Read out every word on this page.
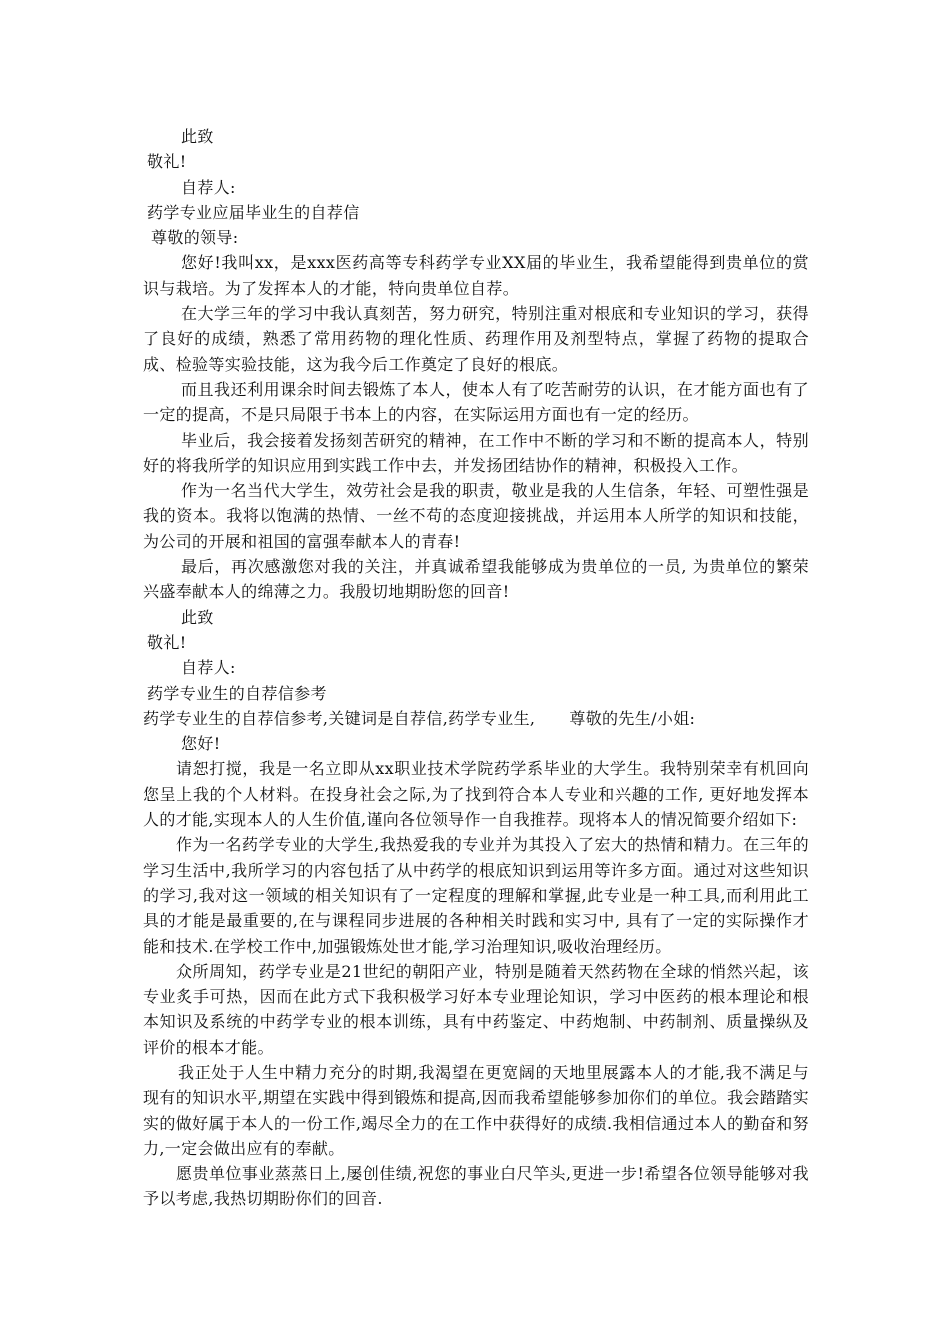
此致

敬礼!

自荐人:

药学专业应届毕业生的自荐信

尊敬的领导:

您好!我叫xx，是xxx医药高等专科药学专业XX届的毕业生，我希望能得到贵单位的赏识与栽培。为了发挥本人的才能，特向贵单位自荐。

在大学三年的学习中我认真刻苦，努力研究，特别注重对根底和专业知识的学习，获得了良好的成绩，熟悉了常用药物的理化性质、药理作用及剂型特点，掌握了药物的提取合成、检验等实验技能，这为我今后工作奠定了良好的根底。

而且我还利用课余时间去锻炼了本人，使本人有了吃苦耐劳的认识，在才能方面也有了一定的提高，不是只局限于书本上的内容，在实际运用方面也有一定的经历。

毕业后，我会接着发扬刻苦研究的精神，在工作中不断的学习和不断的提高本人，特别好的将我所学的知识应用到实践工作中去，并发扬团结协作的精神，积极投入工作。

作为一名当代大学生，效劳社会是我的职责，敬业是我的人生信条，年轻、可塑性强是我的资本。我将以饱满的热情、一丝不苟的态度迎接挑战，并运用本人所学的知识和技能，为公司的开展和祖国的富强奉献本人的青春!

最后，再次感激您对我的关注，并真诚希望我能够成为贵单位的一员, 为贵单位的繁荣兴盛奉献本人的绵薄之力。我殷切地期盼您的回音!

此致

敬礼!

自荐人:

药学专业生的自荐信参考

药学专业生的自荐信参考,关键词是自荐信,药学专业生, 尊敬的先生/小姐:

您好!

请恕打搅，我是一名立即从xx职业技术学院药学系毕业的大学生。我特别荣幸有机回向您呈上我的个人材料。在投身社会之际,为了找到符合本人专业和兴趣的工作, 更好地发挥本人的才能,实现本人的人生价值,谨向各位领导作一自我推荐。现将本人的情况简要介绍如下:

作为一名药学专业的大学生,我热爱我的专业并为其投入了宏大的热情和精力。在三年的学习生活中,我所学习的内容包括了从中药学的根底知识到运用等许多方面。通过对这些知识的学习,我对这一领域的相关知识有了一定程度的理解和掌握,此专业是一种工具,而利用此工具的才能是最重要的,在与课程同步进展的各种相关时践和实习中, 具有了一定的实际操作才能和技术.在学校工作中,加强锻炼处世才能,学习治理知识,吸收治理经历。

众所周知，药学专业是21世纪的朝阳产业，特别是随着天然药物在全球的悄然兴起，该专业炙手可热，因而在此方式下我积极学习好本专业理论知识，学习中医药的根本理论和根本知识及系统的中药学专业的根本训练，具有中药鉴定、中药炮制、中药制剂、质量操纵及评价的根本才能。

我正处于人生中精力充分的时期,我渴望在更宽阔的天地里展露本人的才能,我不满足与现有的知识水平,期望在实践中得到锻炼和提高,因而我希望能够参加你们的单位。我会踏踏实实的做好属于本人的一份工作,竭尽全力的在工作中获得好的成绩.我相信通过本人的勤奋和努力,一定会做出应有的奉献。

愿贵单位事业蒸蒸日上,屡创佳绩,祝您的事业白尺竿头,更进一步!希望各位领导能够对我予以考虑,我热切期盼你们的回音.
